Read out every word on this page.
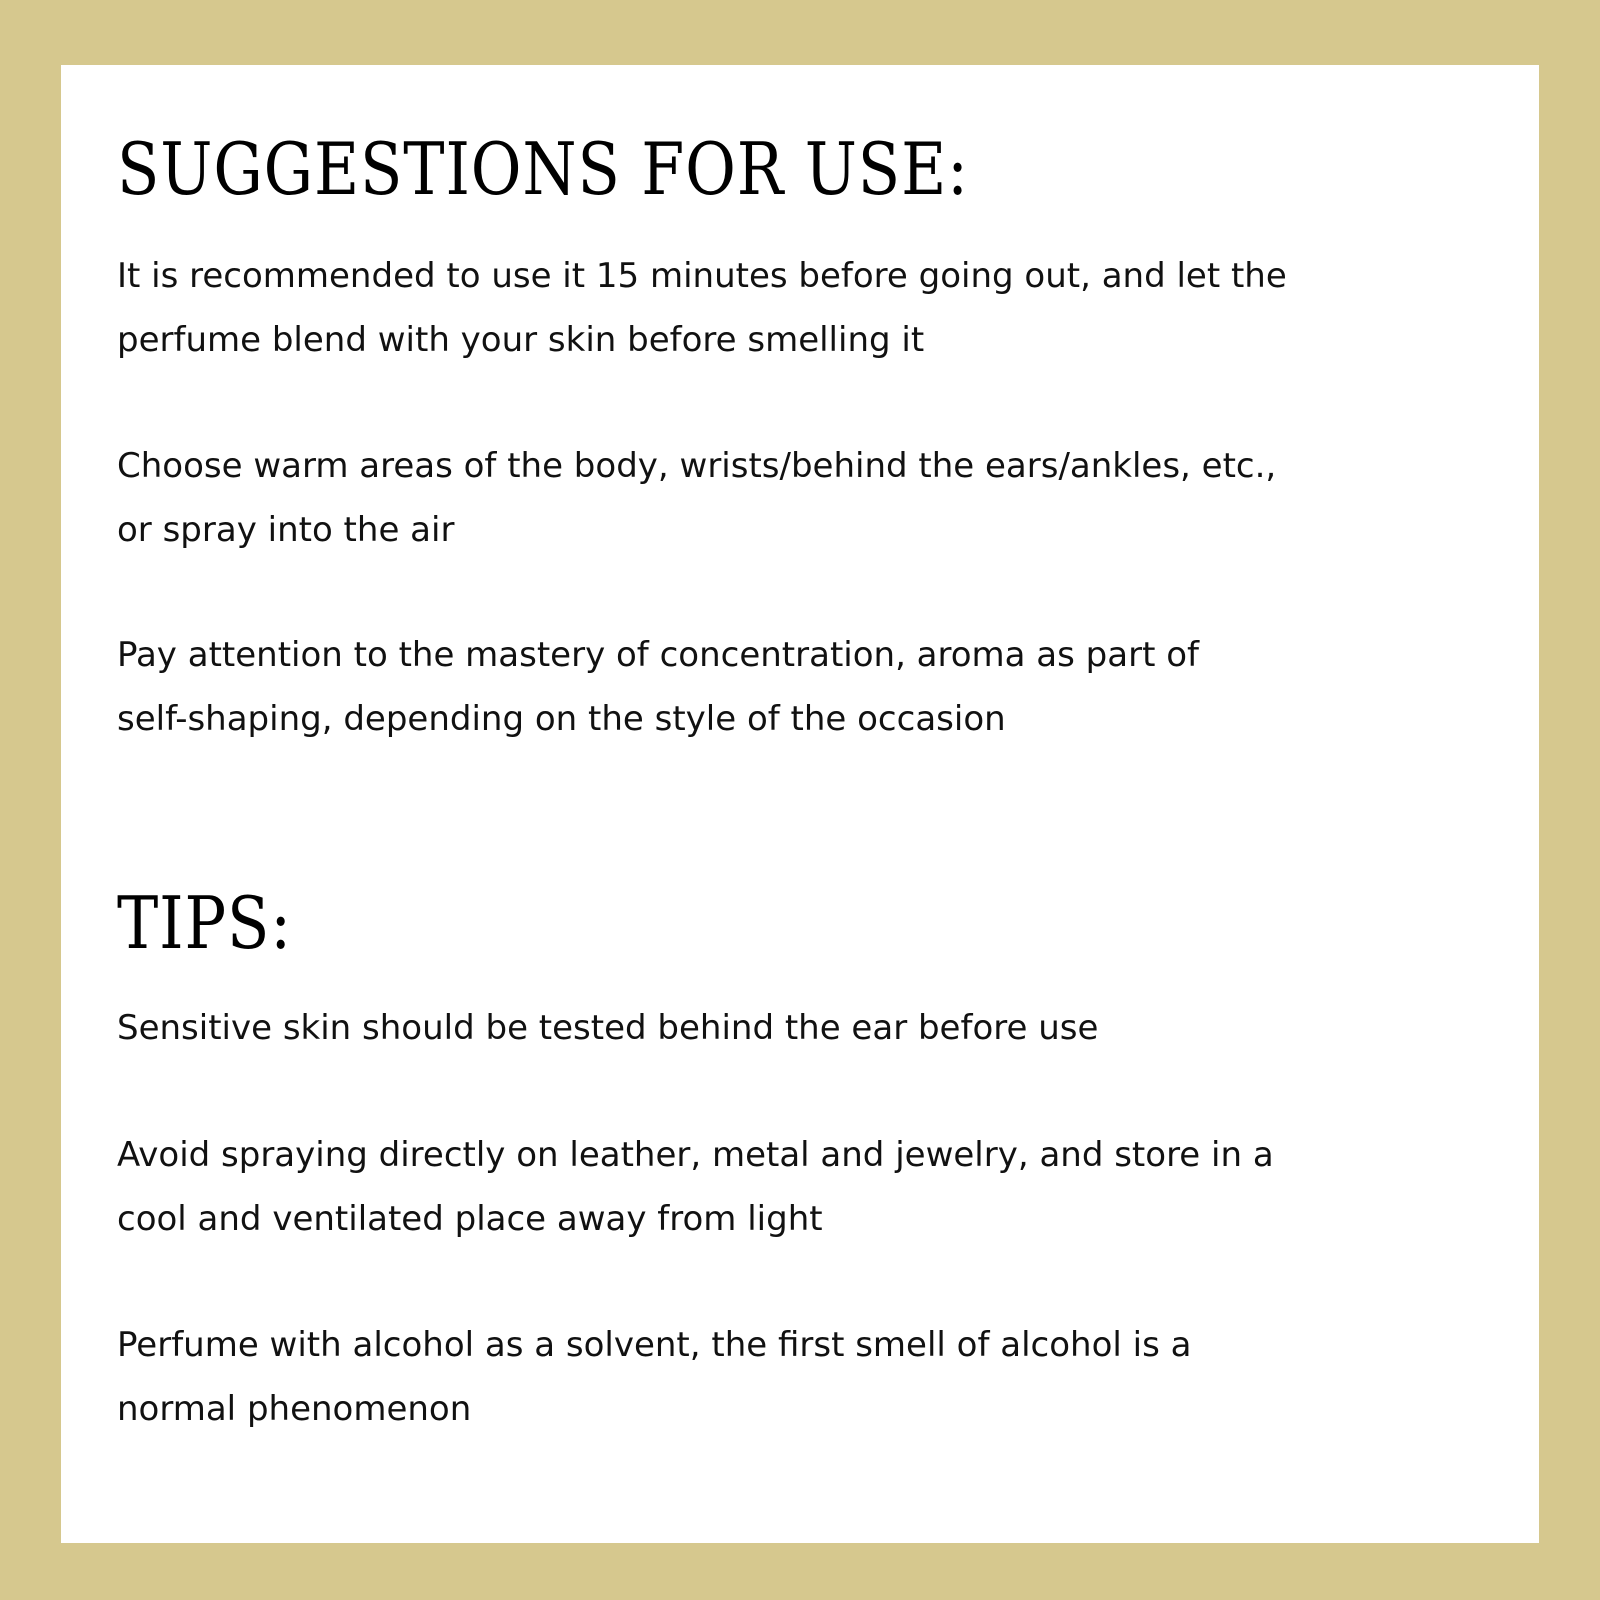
SUGGESTIONS FOR USE:

It is recommended to use it 15 minutes before going out, and let the
perfume blend with your skin before smelling it

Choose warm areas of the body, wrists/behind the ears/ankles, etc.,
or spray into the air

Pay attention to the mastery of concentration, aroma as part of
self-shaping, depending on the style of the occasion

TIPS:

Sensitive skin should be tested behind the ear before use

Avoid spraying directly on leather, metal and jewelry, and store in a
cool and ventilated place away from light

Perfume with alcohol as a solvent, the first smell of alcohol is a
normal phenomenon
